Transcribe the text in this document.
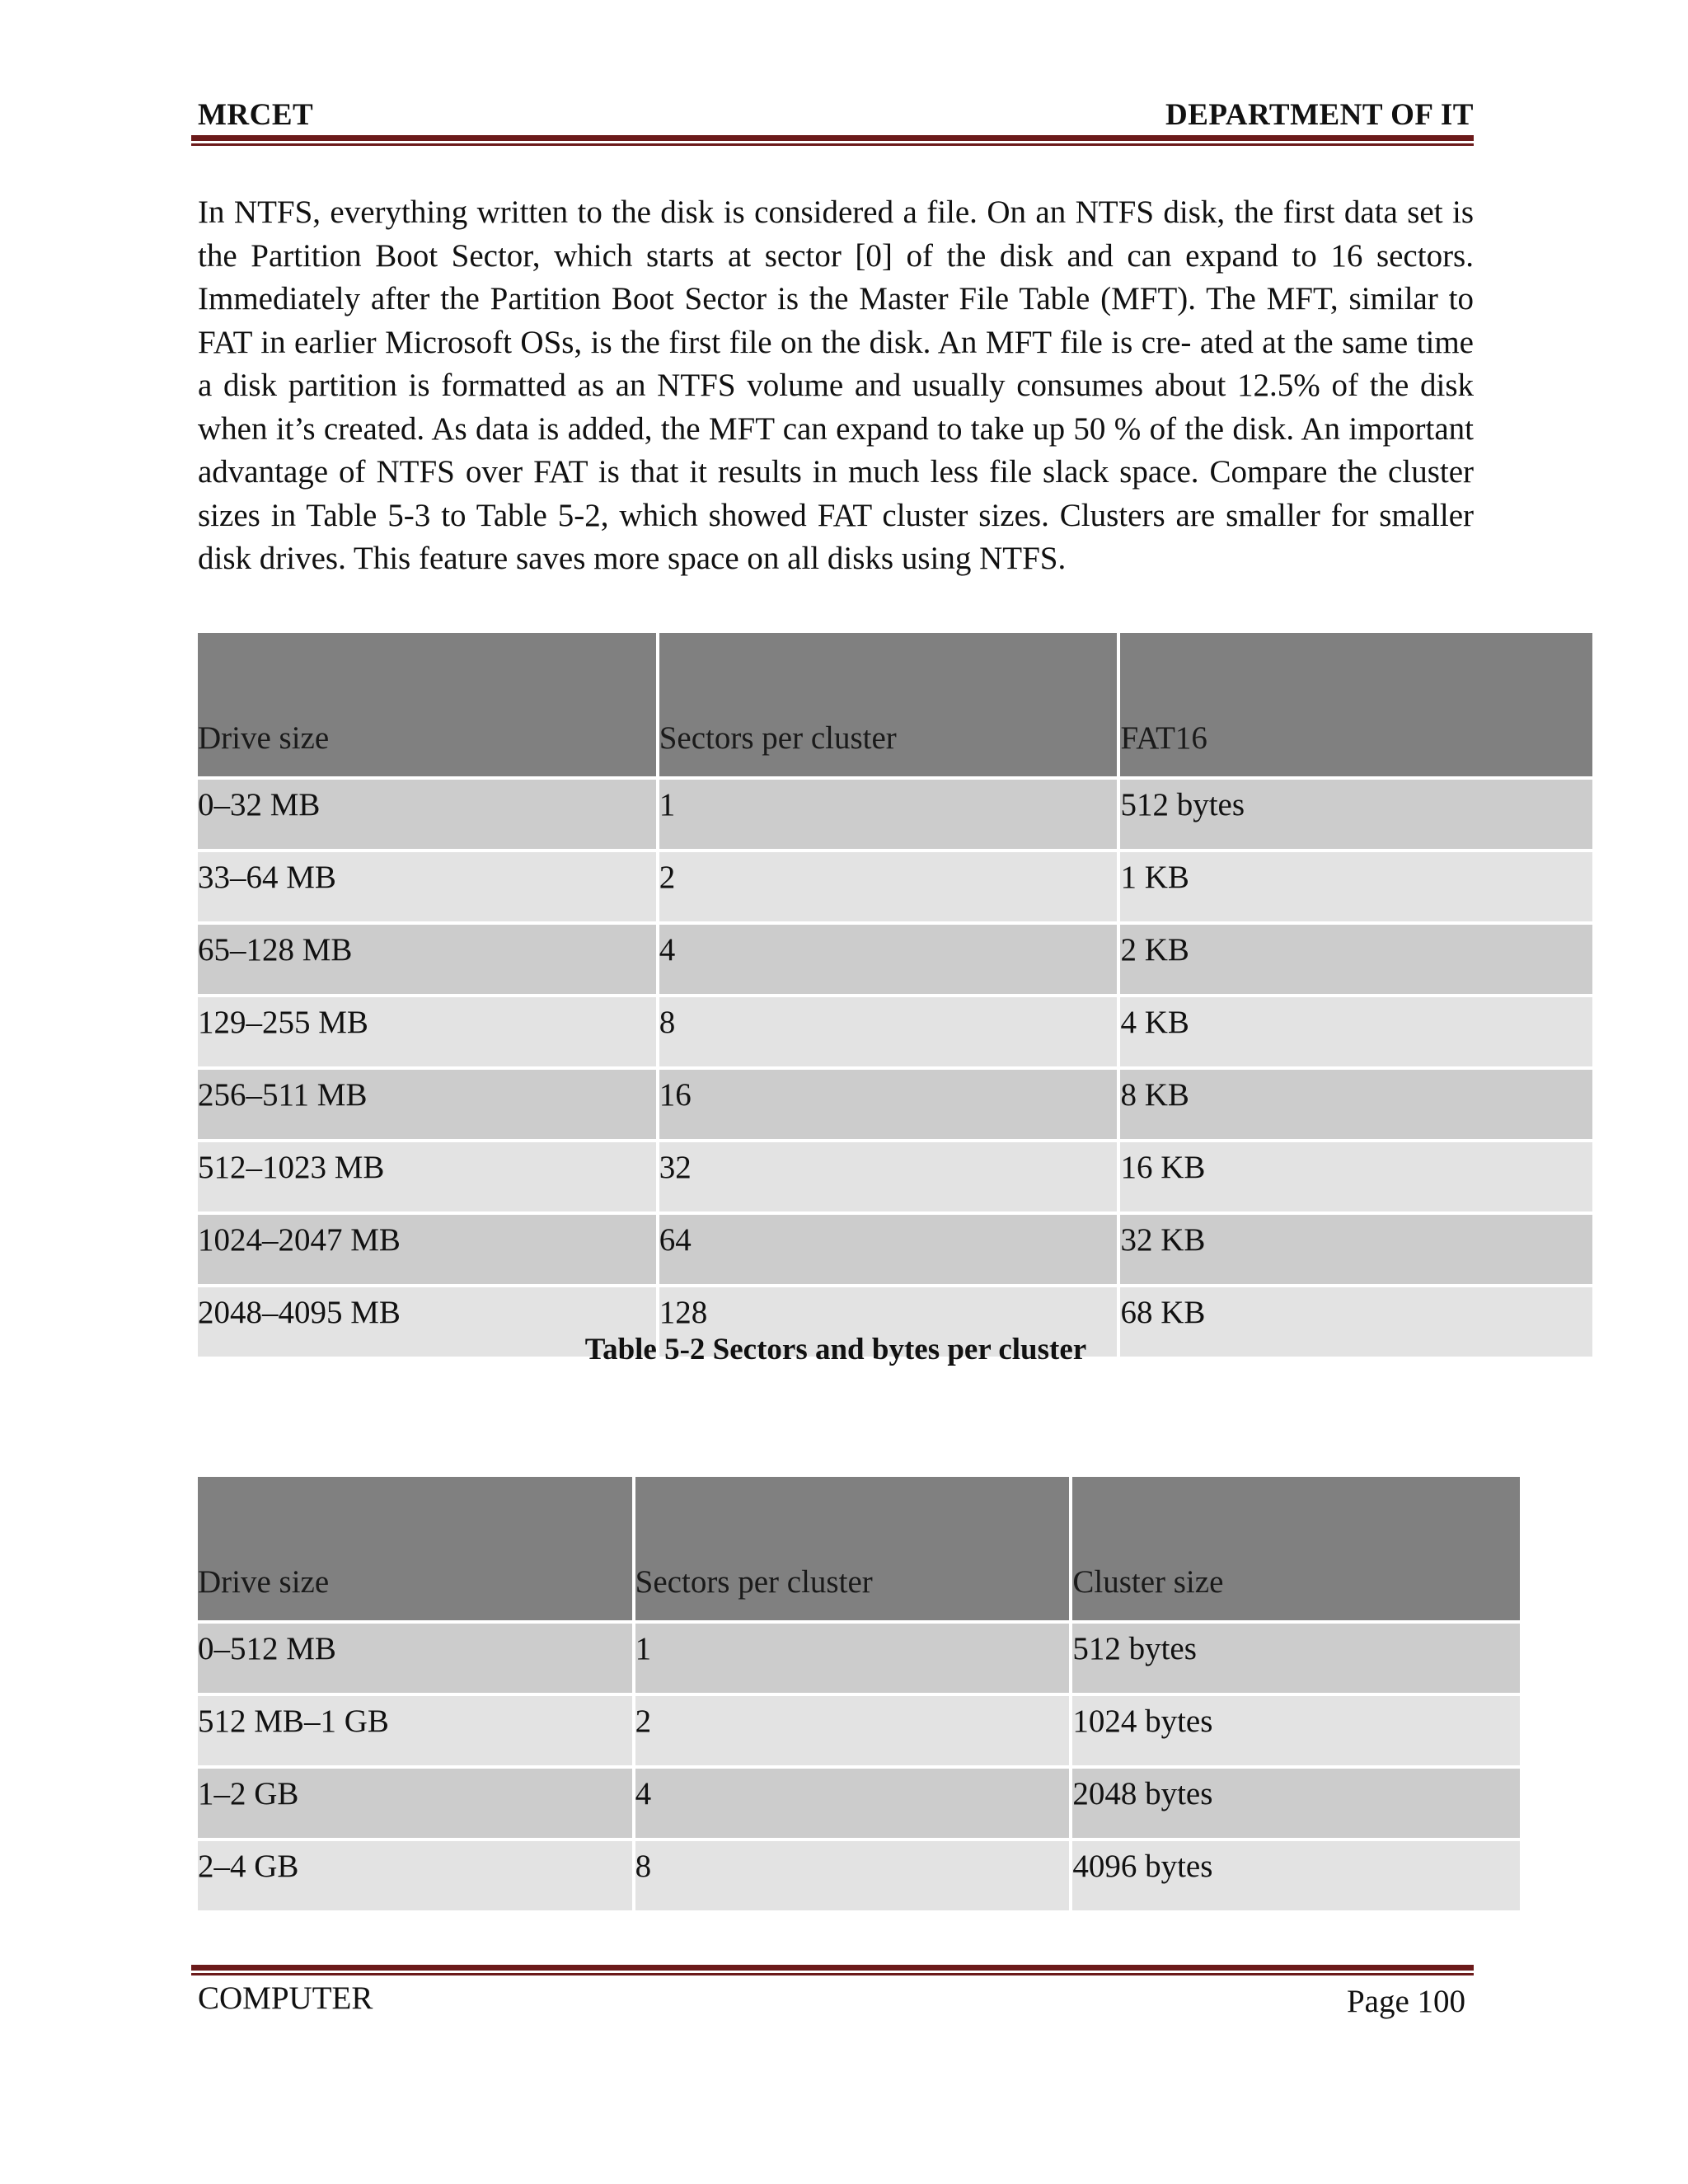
MRCET	DEPARTMENT OF IT

In NTFS, everything written to the disk is considered a file. On an NTFS disk, the first data set is the Partition Boot Sector, which starts at sector [0] of the disk and can expand to 16 sectors. Immediately after the Partition Boot Sector is the Master File Table (MFT). The MFT, similar to FAT in earlier Microsoft OSs, is the first file on the disk. An MFT file is cre- ated at the same time a disk partition is formatted as an NTFS volume and usually consumes about 12.5% of the disk when it’s created. As data is added, the MFT can expand to take up 50 % of the disk. An important advantage of NTFS over FAT is that it results in much less file slack space. Compare the cluster sizes in Table 5-3 to Table 5-2, which showed FAT cluster sizes. Clusters are smaller for smaller disk drives. This feature saves more space on all disks using NTFS.

Drive size	Sectors per cluster	FAT16
0–32 MB	1	512 bytes
33–64 MB	2	1 KB
65–128 MB	4	2 KB
129–255 MB	8	4 KB
256–511 MB	16	8 KB
512–1023 MB	32	16 KB
1024–2047 MB	64	32 KB
2048–4095 MB	128	68 KB
Table 5-2 Sectors and bytes per cluster
Drive size	Sectors per cluster	Cluster size
0–512 MB	1	512 bytes
512 MB–1 GB	2	1024 bytes
1–2 GB	4	2048 bytes
2–4 GB	8	4096 bytes
COMPUTER	Page 100
